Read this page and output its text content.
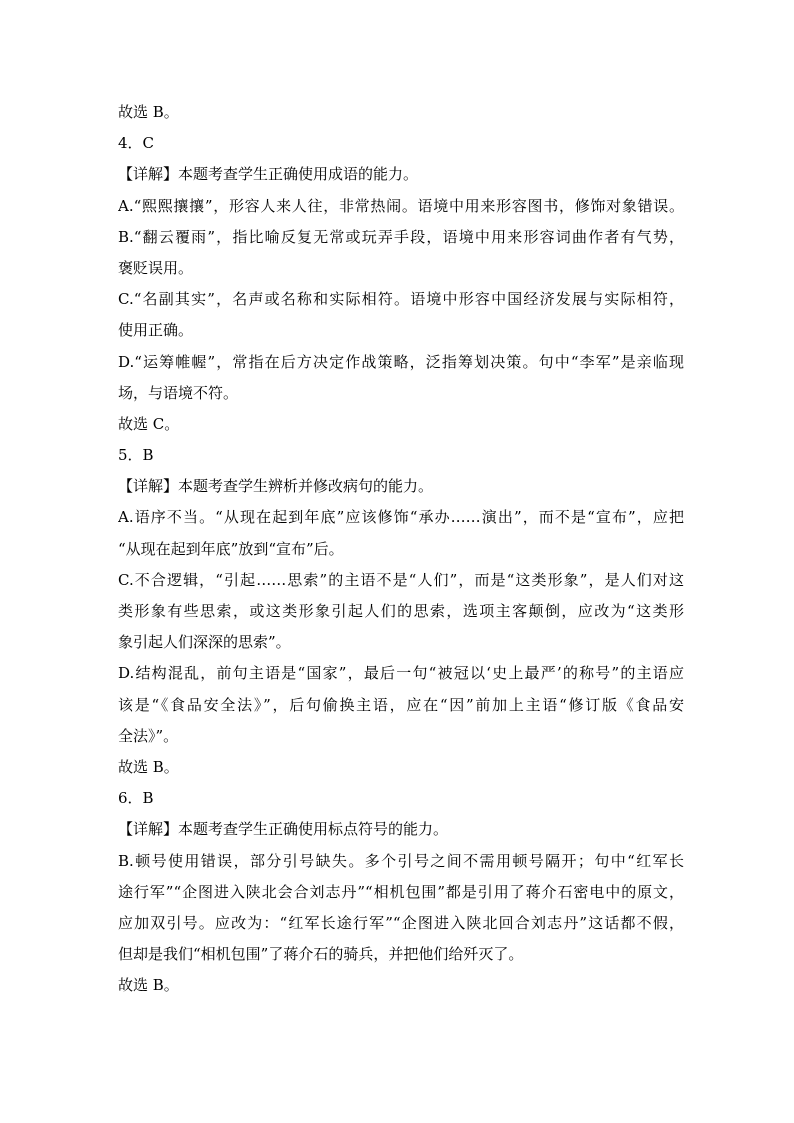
故选 B。
4．C
【详解】本题考查学生正确使用成语的能力。
A.“熙熙攘攘”，形容人来人往，非常热闹。语境中用来形容图书，修饰对象错误。
B.“翻云覆雨”，指比喻反复无常或玩弄手段，语境中用来形容词曲作者有气势，
褒贬误用。
C.“名副其实”，名声或名称和实际相符。语境中形容中国经济发展与实际相符，
使用正确。
D.“运筹帷幄”，常指在后方决定作战策略，泛指筹划决策。句中“李军”是亲临现
场，与语境不符。
故选 C。
5．B
【详解】本题考查学生辨析并修改病句的能力。
A.语序不当。“从现在起到年底”应该修饰“承办……演出”，而不是“宣布”，应把
“从现在起到年底”放到“宣布”后。
C.不合逻辑，“引起……思索”的主语不是“人们”，而是“这类形象”，是人们对这
类形象有些思索，或这类形象引起人们的思索，选项主客颠倒，应改为“这类形
象引起人们深深的思索”。
D.结构混乱，前句主语是“国家”，最后一句“被冠以‘史上最严’的称号”的主语应
该是“《食品安全法》”，后句偷换主语，应在“因”前加上主语“修订版《食品安
全法》”。
故选 B。
6．B
【详解】本题考查学生正确使用标点符号的能力。
B.顿号使用错误，部分引号缺失。多个引号之间不需用顿号隔开；句中“红军长
途行军”“企图进入陕北会合刘志丹”“相机包围”都是引用了蒋介石密电中的原文，
应加双引号。应改为：“红军长途行军”“企图进入陕北回合刘志丹”这话都不假，
但却是我们“相机包围”了蒋介石的骑兵，并把他们给歼灭了。
故选 B。
